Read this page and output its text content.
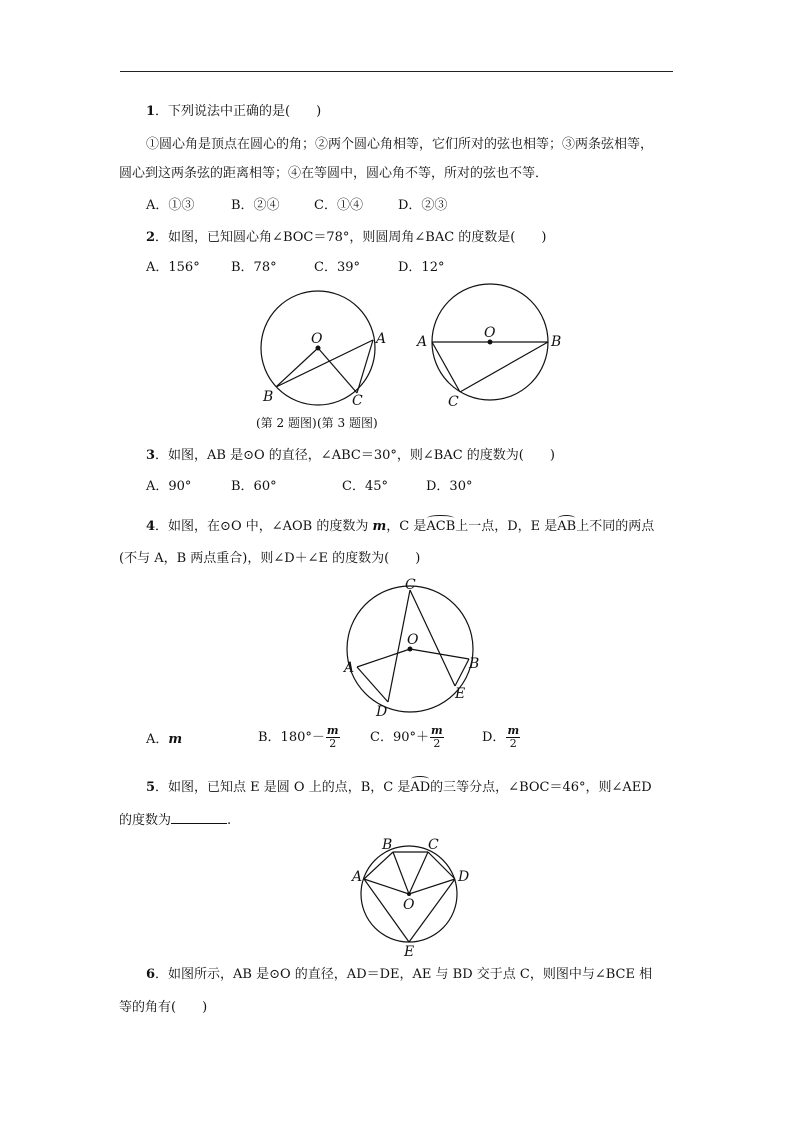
1．下列说法中正确的是(　　)
①圆心角是顶点在圆心的角；②两个圆心角相等，它们所对的弦也相等；③两条弦相等，
圆心到这两条弦的距离相等；④在等圆中，圆心角不等，所对的弦也不等．
A．①③	B．②④	C．①④	D．②③
2．如图，已知圆心角∠BOC＝78°，则圆周角∠BAC 的度数是(　　)
A．156° B．78°	C．39°	D．12°
O	A
B	C
O
A	B
C
C
O
A	B
D
E
B	C
A	D
O
E
(第 2 题图) (第 3 题图)
3．如图，AB 是⊙O 的直径，∠ABC＝30°，则∠BAC 的度数为(　　)
A．90°	B．60°	C．45°	D．30°
4．如图，在⊙O 中，∠AOB 的度数为 m，C 是ACB上一点，D，E 是AB上不同的两点
(不与 A，B 两点重合)，则∠D＋∠E 的度数为(　　)
A．m	B．$180^\circ- \frac{m}{2}$ C．$90^\circ+ \frac{m}{2}$	D． $\frac{m}{2}$
5．如图，已知点 E 是圆 O 上的点，B，C 是AD的三等分点，∠BOC＝46°，则∠AED
的度数为	.
6．如图所示，AB 是⊙O 的直径，AD＝DE，AE 与 BD 交于点 C，则图中与∠BCE 相
等的角有(　　)
